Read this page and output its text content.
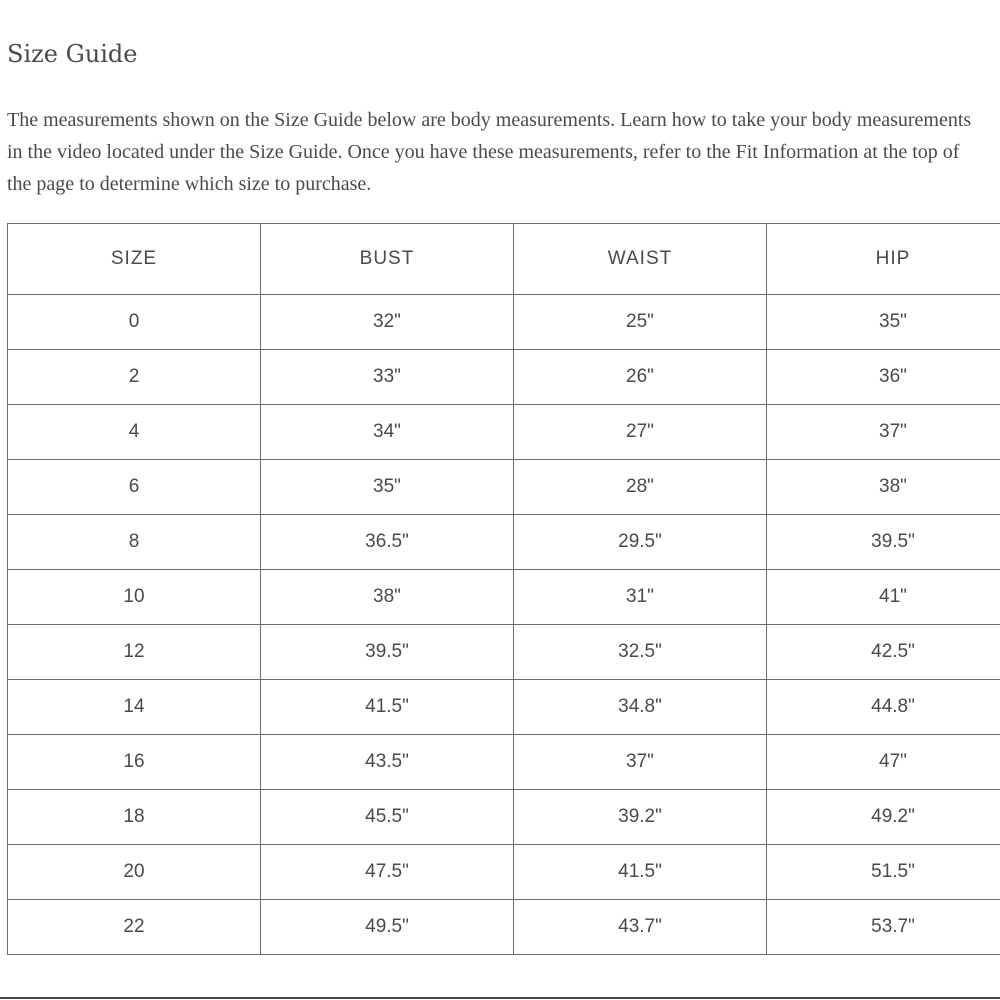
Size Guide

The measurements shown on the Size Guide below are body measurements. Learn how to take your body measurements in the video located under the Size Guide. Once you have these measurements, refer to the Fit Information at the top of the page to determine which size to purchase.

SIZE	BUST	WAIST	HIP
0	32"	25"	35"
2	33"	26"	36"
4	34"	27"	37"
6	35"	28"	38"
8	36.5"	29.5"	39.5"
10	38"	31"	41"
12	39.5"	32.5"	42.5"
14	41.5"	34.8"	44.8"
16	43.5"	37"	47"
18	45.5"	39.2"	49.2"
20	47.5"	41.5"	51.5"
22	49.5"	43.7"	53.7"
